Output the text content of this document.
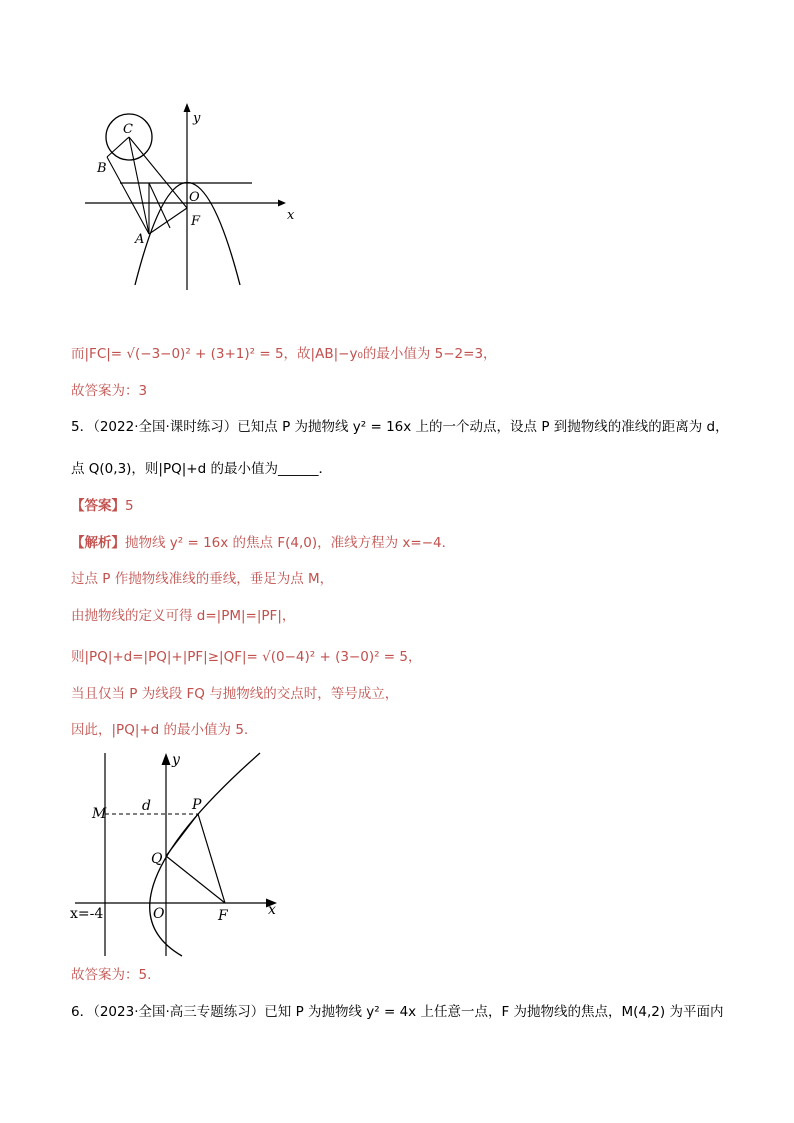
C
B
y
O
A
F	x
而|FC|= √(−3−0)² + (3+1)² = 5，故|AB|−y₀的最小值为 5−2=3，
故答案为：3
5．（2022·全国·课时练习）已知点 P 为抛物线 y² = 16x 上的一个动点，设点 P 到抛物线的准线的距离为 d，
点 Q(0,3)，则|PQ|+d 的最小值为______．
【答案】5
【解析】抛物线 y² = 16x 的焦点 F(4,0)，准线方程为 x=−4．
过点 P 作抛物线准线的垂线，垂足为点 M，
由抛物线的定义可得 d=|PM|=|PF|，
则|PQ|+d=|PQ|+|PF|≥|QF|= √(0−4)² + (3−0)² = 5，
当且仅当 P 为线段 FQ 与抛物线的交点时，等号成立，
因此，|PQ|+d 的最小值为 5.
y
M	d	P
Q
x=-4	O	F	x
故答案为：5.
6．（2023·全国·高三专题练习）已知 P 为抛物线 y² = 4x 上任意一点，F 为抛物线的焦点，M(4,2) 为平面内
